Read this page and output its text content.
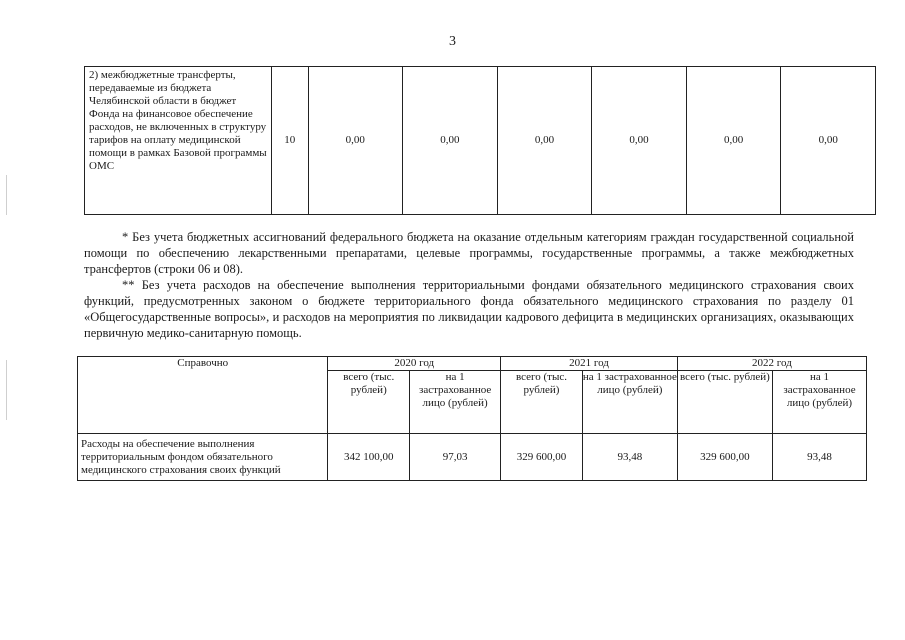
3
2) межбюджетные трансферты, передаваемые из бюджета Челябинской области в бюджет Фонда на финансовое обеспечение расходов, не включенных в структуру тарифов на оплату медицинской помощи в рамках Базовой программы ОМС	10	0,00	0,00	0,00	0,00	0,00	0,00

* Без учета бюджетных ассигнований федерального бюджета на оказание отдельным категориям граждан государственной социальной помощи по обеспечению лекарственными препаратами, целевые программы, государственные программы, а также межбюджетных трансфертов (строки 06 и 08).

** Без учета расходов на обеспечение выполнения территориальными фондами обязательного медицинского страхования своих функций, предусмотренных законом о бюджете территориального фонда обязательного медицинского страхования по разделу 01 «Общегосударственные вопросы», и расходов на мероприятия по ликвидации кадрового дефицита в медицинских организациях, оказывающих первичную медико-санитарную помощь.

Справочно	2020 год		2021 год		2022 год	
	всего (тыс. рублей)	на 1 застрахованное лицо (рублей)	всего (тыс. рублей)	на 1 застрахованное лицо (рублей)	всего (тыс. рублей)	на 1 застрахованное лицо (рублей)
Расходы на обеспечение выполнения территориальным фондом обязательного медицинского страхования своих функций	342 100,00	97,03	329 600,00	93,48	329 600,00	93,48
